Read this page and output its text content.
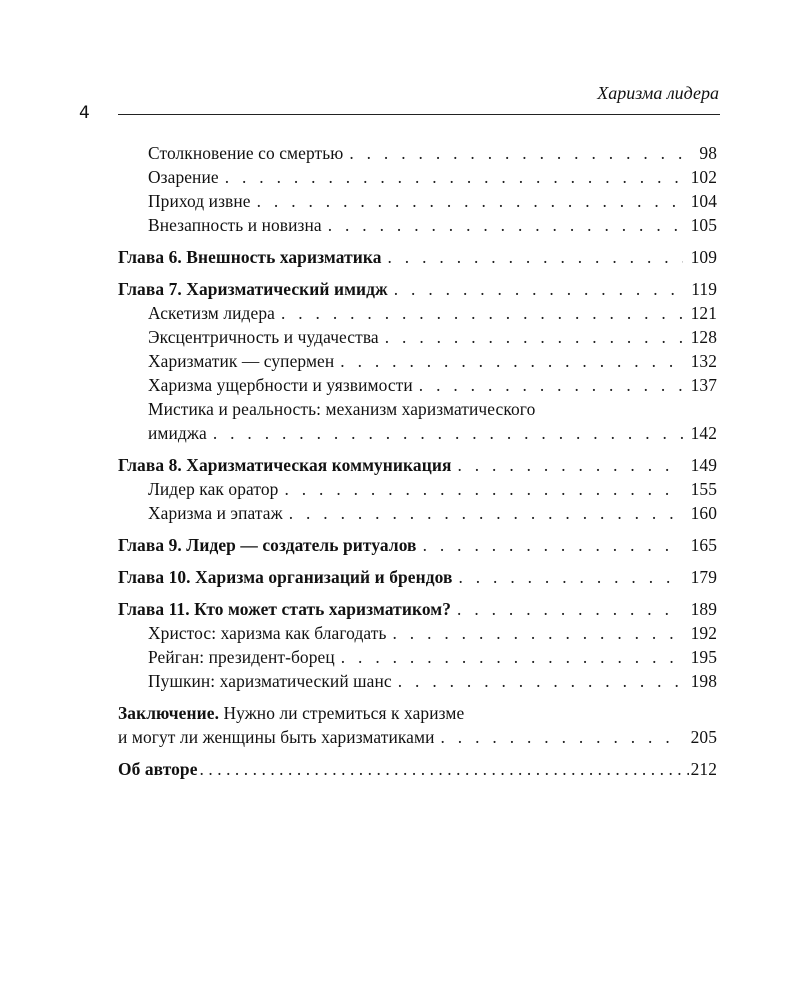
4
Харизма лидера
Столкновение со смертью . . .	98
Озарение . . .	102
Приход извне . . .	104
Внезапность и новизна . . .	105
Глава 6. Внешность харизматика . . .	109
Глава 7. Харизматический имидж . . .	119
Аскетизм лидера . . .	121
Эксцентричность и чудачества . . .	128
Харизматик — супермен . . .	132
Харизма ущербности и уязвимости . . .	137
Мистика и реальность: механизм харизматического
имиджа . . .	142
Глава 8. Харизматическая коммуникация . . .	149
Лидер как оратор . . .	155
Харизма и эпатаж . . .	160
Глава 9. Лидер — создатель ритуалов . . .	165
Глава 10. Харизма организаций и брендов . . .	179
Глава 11. Кто может стать харизматиком? . . .	189
Христос: харизма как благодать . . .	192
Рейган: президент-борец . . .	195
Пушкин: харизматический шанс . . .	198
Заключение. Нужно ли стремиться к харизме
и могут ли женщины быть харизматиками . . .	205
Об авторе .....	212
